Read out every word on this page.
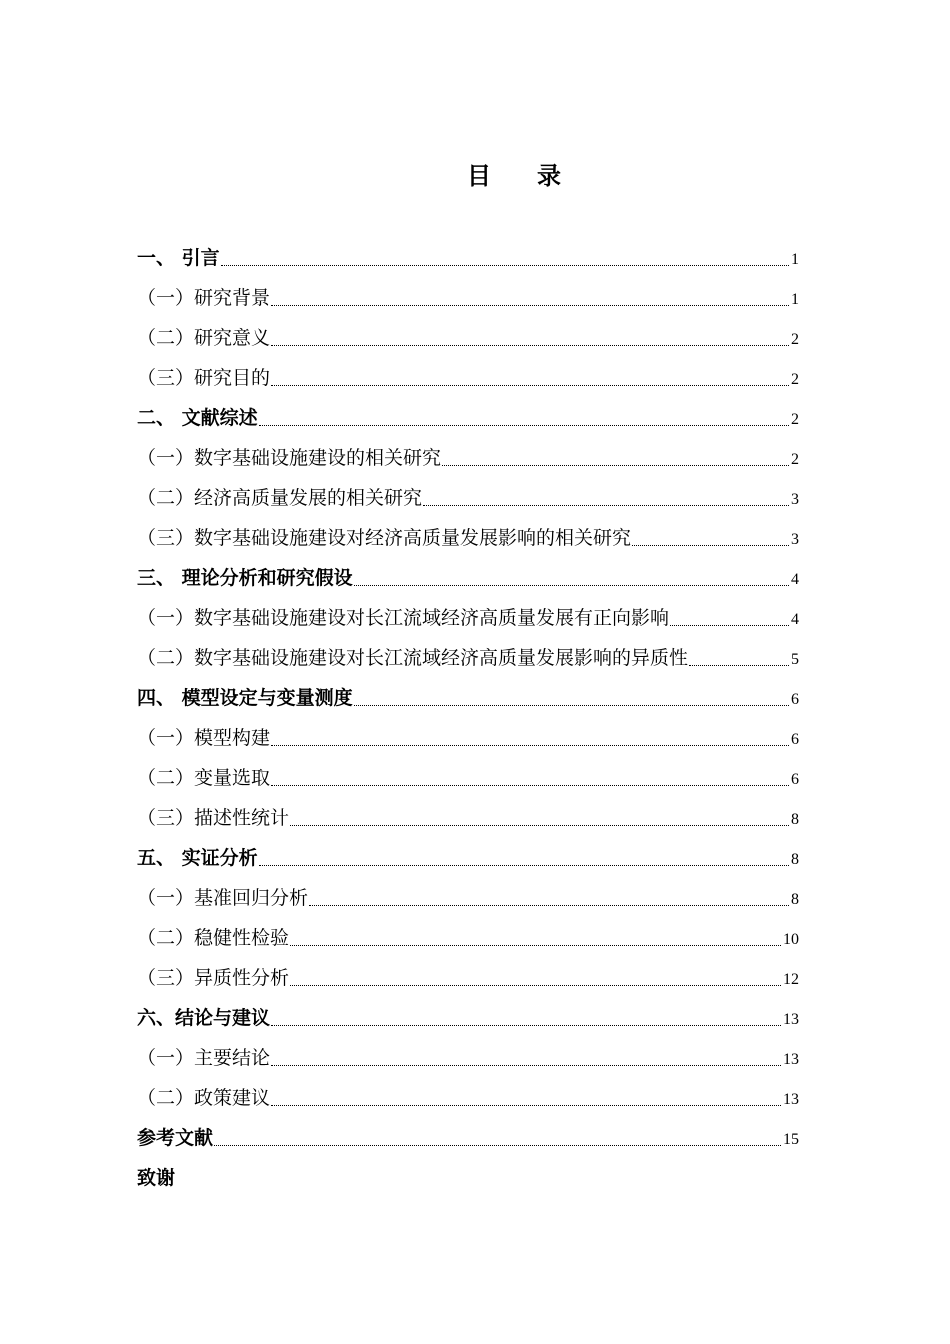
目 录
一、 引言	1
（一）研究背景	1
（二）研究意义	2
（三）研究目的	2
二、 文献综述	2
（一）数字基础设施建设的相关研究	2
（二）经济高质量发展的相关研究	3
（三）数字基础设施建设对经济高质量发展影响的相关研究	3
三、 理论分析和研究假设	4
（一）数字基础设施建设对长江流域经济高质量发展有正向影响	4
（二）数字基础设施建设对长江流域经济高质量发展影响的异质性	5
四、 模型设定与变量测度	6
（一）模型构建	6
（二）变量选取	6
（三）描述性统计	8
五、 实证分析	8
（一）基准回归分析	8
（二）稳健性检验	10
（三）异质性分析	12
六、结论与建议	13
（一）主要结论	13
（二）政策建议	13
参考文献	15
致谢
